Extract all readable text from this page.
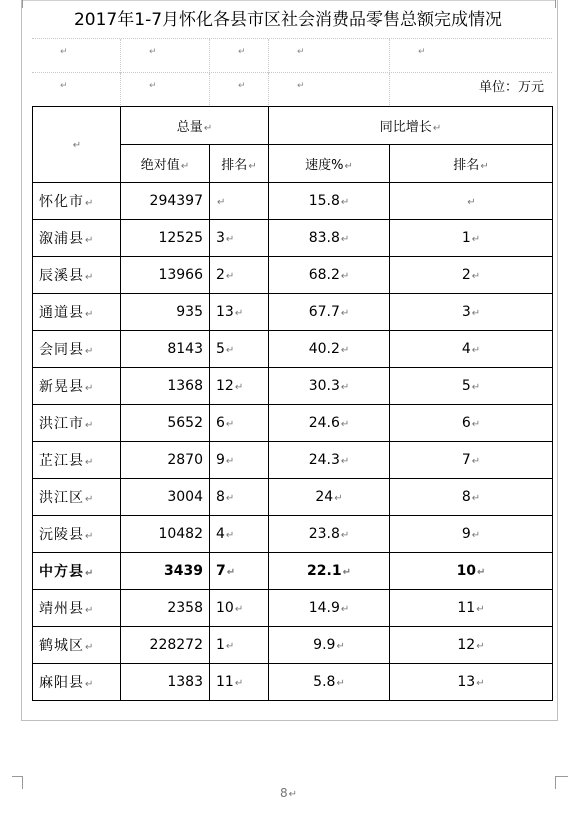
2017年1-7月怀化各县市区社会消费品零售总额完成情况
↵	↵	↵	↵	↵
↵	↵	↵	↵	单位：万元
↵	总量↵		同比增长↵	
	绝对值↵	排名↵	速度%↵	排名↵
怀化市↵	294397	↵	15.8↵	↵
溆浦县↵	12525	3↵	83.8↵	1↵
辰溪县↵	13966	2↵	68.2↵	2↵
通道县↵	935	13↵	67.7↵	3↵
会同县↵	8143	5↵	40.2↵	4↵
新晃县↵	1368	12↵	30.3↵	5↵
洪江市↵	5652	6↵	24.6↵	6↵
芷江县↵	2870	9↵	24.3↵	7↵
洪江区↵	3004	8↵	24↵	8↵
沅陵县↵	10482	4↵	23.8↵	9↵
中方县↵	3439	7↵	22.1↵	10↵
靖州县↵	2358	10↵	14.9↵	11↵
鹤城区↵	228272	1↵	9.9↵	12↵
麻阳县↵	1383	11↵	5.8↵	13↵
8↵
